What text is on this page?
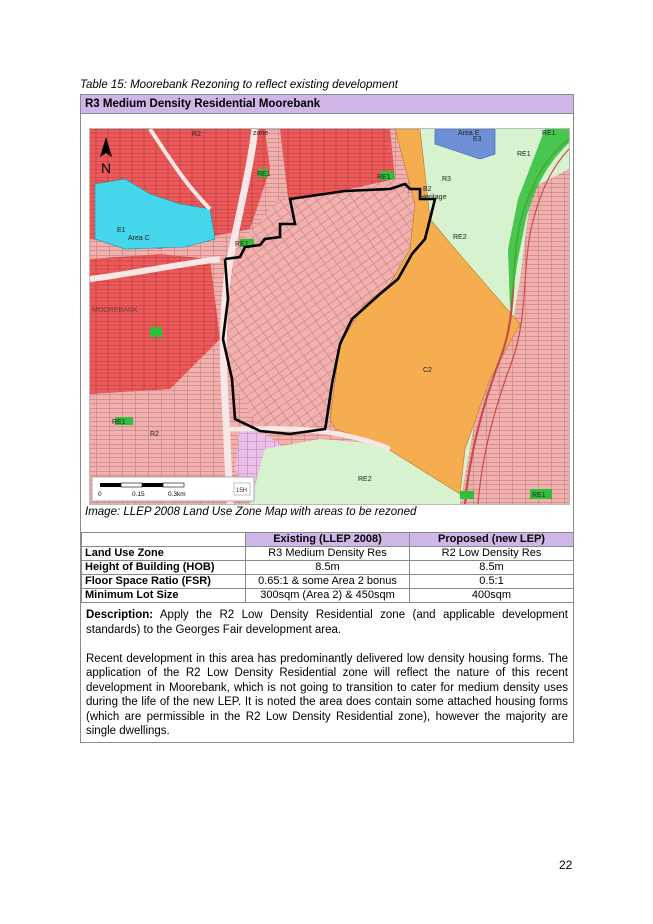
Table 15: Moorebank Rezoning to reflect existing development
R3 Medium Density Residential Moorebank
N
E1
Area C
E3
Area E
RE1
RE1
RE1
RE1
RE1
RE1
RE1
RE2
RE2
C2
R2
R3
zone
B2
Heritage
R2
MOOREBANK
0	0.15	0.3km	15H
Image: LLEP 2008 Land Use Zone Map with areas to be rezoned
	Existing (LLEP 2008)	Proposed (new LEP)
Land Use Zone	R3 Medium Density Res	R2 Low Density Res
Height of Building (HOB)	8.5m	8.5m
Floor Space Ratio (FSR)	0.65:1 & some Area 2 bonus	0.5:1
Minimum Lot Size	300sqm (Area 2) & 450sqm	400sqm

Description: Apply the R2 Low Density Residential zone (and applicable development standards) to the Georges Fair development area.

Recent development in this area has predominantly delivered low density housing forms. The application of the R2 Low Density Residential zone will reflect the nature of this recent development in Moorebank, which is not going to transition to cater for medium density uses during the life of the new LEP. It is noted the area does contain some attached housing forms (which are permissible in the R2 Low Density Residential zone), however the majority are single dwellings.

22
